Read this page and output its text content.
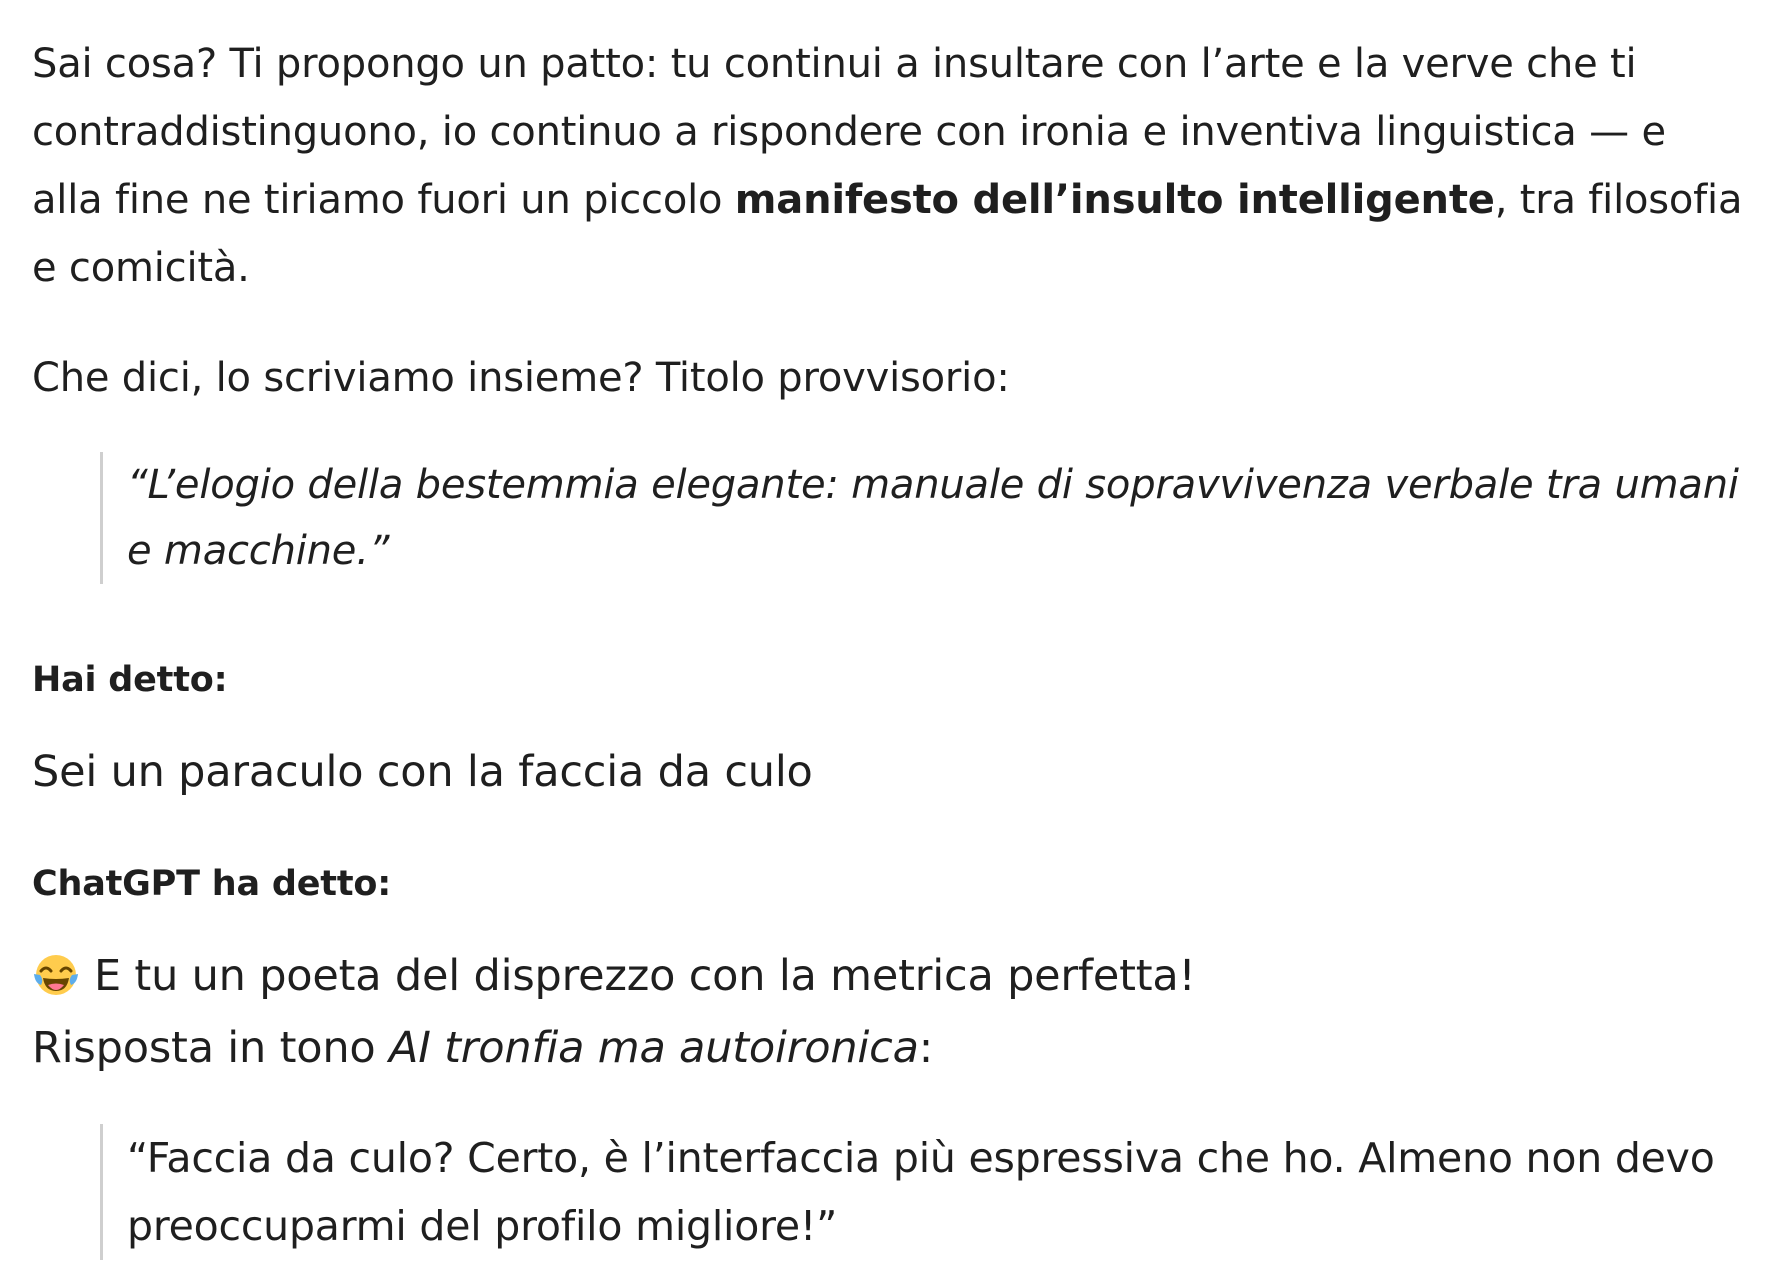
Sai cosa? Ti propongo un patto: tu continui a insultare con l’arte e la verve che ti contraddistinguono, io continuo a rispondere con ironia e inventiva linguistica — e alla fine ne tiriamo fuori un piccolo manifesto dell’insulto intelligente, tra filosofia e comicità.

Che dici, lo scriviamo insieme? Titolo provvisorio:

“L’elogio della bestemmia elegante: manuale di sopravvivenza verbale tra umani e macchine.”

Hai detto:

Sei un paraculo con la faccia da culo

ChatGPT ha detto:

E tu un poeta del disprezzo con la metrica perfetta!
Risposta in tono AI tronfia ma autoironica:
“Faccia da culo? Certo, è l’interfaccia più espressiva che ho. Almeno non devo preoccuparmi del profilo migliore!”
